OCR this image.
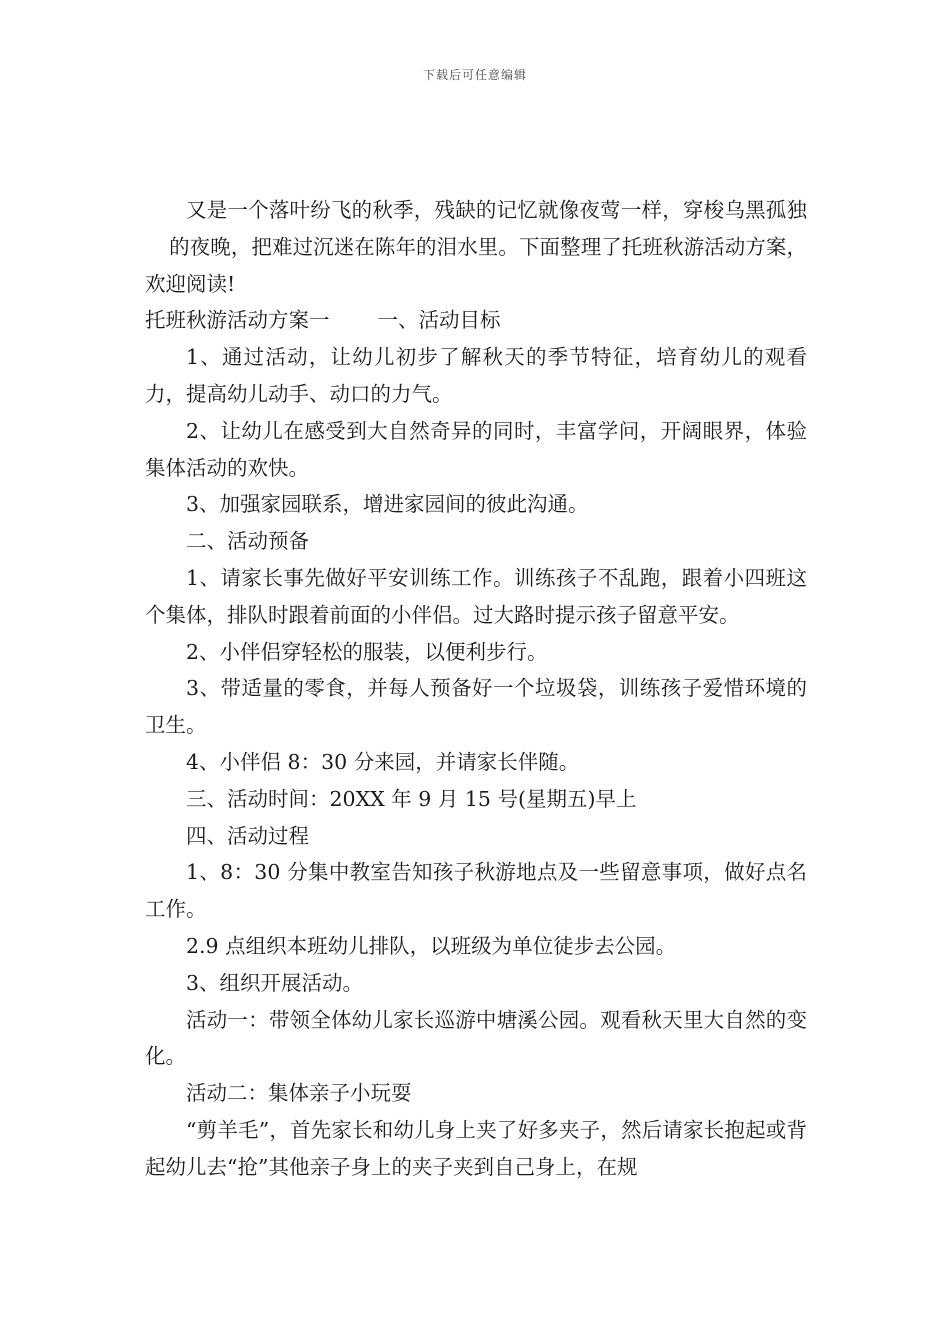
下载后可任意编辑

又是一个落叶纷飞的秋季，残缺的记忆就像夜莺一样，穿梭乌黑孤独的夜晚，把难过沉迷在陈年的泪水里。下面整理了托班秋游活动方案，欢迎阅读!

托班秋游活动方案一 一、活动目标

1、通过活动，让幼儿初步了解秋天的季节特征，培育幼儿的观看力，提高幼儿动手、动口的力气。

2、让幼儿在感受到大自然奇异的同时，丰富学问，开阔眼界，体验集体活动的欢快。

3、加强家园联系，增进家园间的彼此沟通。

二、活动预备

1、请家长事先做好平安训练工作。训练孩子不乱跑，跟着小四班这个集体，排队时跟着前面的小伴侣。过大路时提示孩子留意平安。

2、小伴侣穿轻松的服装，以便利步行。

3、带适量的零食，并每人预备好一个垃圾袋，训练孩子爱惜环境的卫生。

4、小伴侣 8：30 分来园，并请家长伴随。

三、活动时间：20XX 年 9 月 15 号(星期五)早上

四、活动过程

1、8：30 分集中教室告知孩子秋游地点及一些留意事项，做好点名工作。

2.9 点组织本班幼儿排队，以班级为单位徒步去公园。

3、组织开展活动。

活动一：带领全体幼儿家长巡游中塘溪公园。观看秋天里大自然的变化。

活动二：集体亲子小玩耍

“剪羊毛”，首先家长和幼儿身上夹了好多夹子，然后请家长抱起或背起幼儿去“抢”其他亲子身上的夹子夹到自己身上，在规
